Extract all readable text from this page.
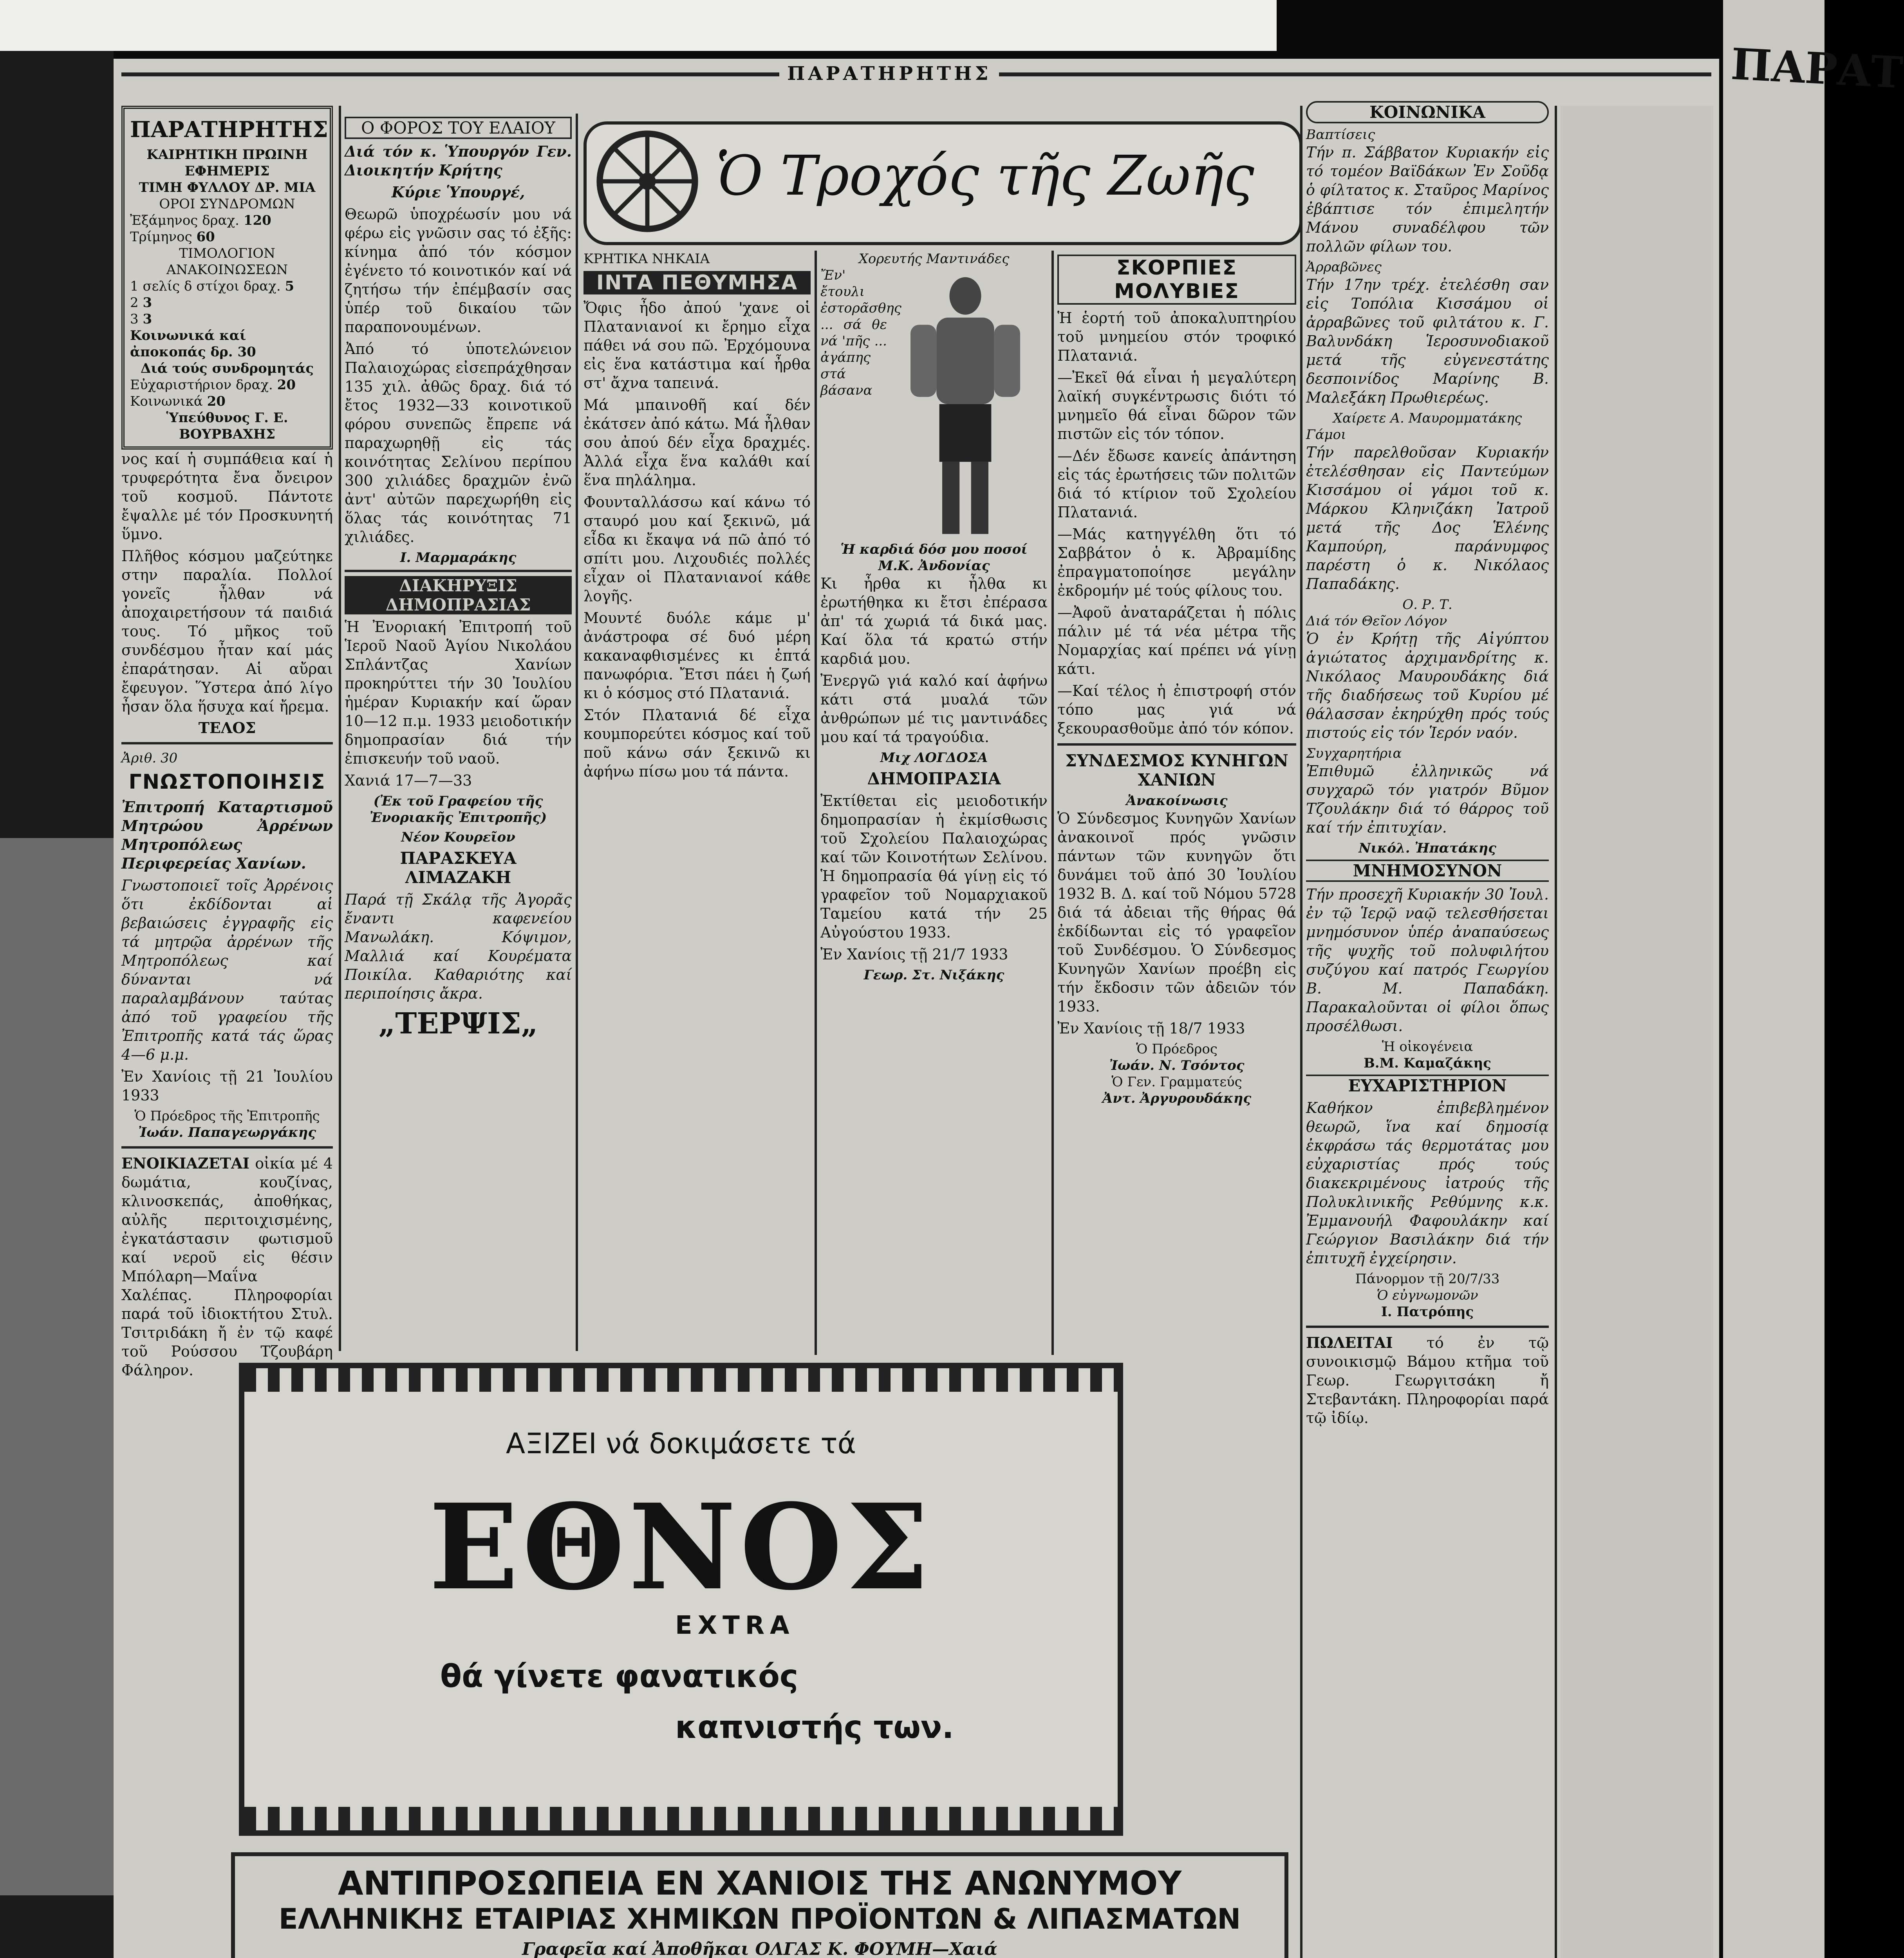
ΠΑΡΑΤ
ΠΑΡΑΤΗΡΗΤΗΣ
ΠΑΡΑΤΗΡΗΤΗΣ
ΚΑΙΡΗΤΙΚΗ ΠΡΩΙΝΗ ΕΦΗΜΕΡΙΣ
ΤΙΜΗ ΦΥΛΛΟΥ ΔΡ. ΜΙΑ
ΟΡΟΙ ΣΥΝΔΡΟΜΩΝ
Ἐξάμηνος δραχ. 120
Τρίμηνος 60
ΤΙΜΟΛΟΓΙΟΝ ΑΝΑΚΟΙΝΩΣΕΩΝ
1 σελίς δ στίχοι δραχ. 5
2 3
3 3
Κοινωνικά καί ἀποκοπάς δρ. 30
Διά τούς συνδρομητάς
Εὐχαριστήριον δραχ. 20
Κοινωνικά 20
Ὑπεύθυνος Γ. Ε. ΒΟΥΡΒΑΧΗΣ

νος καί ἡ συμπάθεια καί ἡ τρυφερότητα ἔνα ὄνειρον τοῦ κοσμοῦ. Πάντοτε ἔψαλλε μέ τόν Προσκυνητή ὕμνο.

Πλῆθος κόσμου μαζεύτηκε στην παραλία. Πολλοί γονεῖς ἦλθαν νά ἀποχαιρετήσουν τά παιδιά τους. Τό μῆκος τοῦ συνδέσμου ἦταν καί μάς ἐπαράτησαν. Αἱ αὔραι ἔφευγον. Ὕστερα ἀπό λίγο ἦσαν ὅλα ἥσυχα καί ἤρεμα.

ΤΕΛΟΣ
Ἀριθ. 30
ΓΝΩΣΤΟΠΟΙΗΣΙΣ

Ἐπιτροπή Καταρτισμοῦ Μητρώου Ἀρρένων Μητροπόλεως Περιφερείας Χανίων.

Γνωστοποιεῖ τοῖς Ἀρρένοις ὅτι ἐκδίδονται αἱ βεβαιώσεις ἐγγραφῆς εἰς τά μητρῷα ἀρρένων τῆς Μητροπόλεως καί δύνανται νά παραλαμβάνουν ταύτας ἀπό τοῦ γραφείου τῆς Ἐπιτροπῆς κατά τάς ὥρας 4—6 μ.μ.

Ἐν Χανίοις τῇ 21 Ἰουλίου 1933

Ὁ Πρόεδρος τῆς Ἐπιτροπῆς
Ἰωάν. Παπαγεωργάκης

ΕΝΟΙΚΙΑΖΕΤΑΙ οἰκία μέ 4 δωμάτια, κουζίνας, κλινοσκεπάς, ἀποθήκας, αὐλῆς περιτοιχισμένης, ἐγκατάστασιν φωτισμοῦ καί νεροῦ εἰς θέσιν Μπόλαρη—Μαΐνα Χαλέπας. Πληροφορίαι παρά τοῦ ἰδιοκτήτου Στυλ. Τσιτριδάκη ἤ ἐν τῷ καφέ τοῦ Ρούσσου Τζουβάρη Φάληρον.

Ο ΦΟΡΟΣ ΤΟΥ ΕΛΑΙΟΥ

Διά τόν κ. Ὑπουργόν Γεν. Διοικητήν Κρήτης

Κύριε Ὑπουργέ,

Θεωρῶ ὑποχρέωσίν μου νά φέρω εἰς γνῶσιν σας τό ἐξῆς: κίνημα ἀπό τόν κόσμον ἐγένετο τό κοινοτικόν καί νά ζητήσω τήν ἐπέμβασίν σας ὑπέρ τοῦ δικαίου τῶν παραπονουμένων.

Ἀπό τό ὑποτελώνειον Παλαιοχώρας εἰσεπράχθησαν 135 χιλ. ἀθῶς δραχ. διά τό ἔτος 1932—33 κοινοτικοῦ φόρου συνεπῶς ἔπρεπε νά παραχωρηθῇ εἰς τάς κοινότητας Σελίνου περίπου 300 χιλιάδες δραχμῶν ἐνῶ ἀντ' αὐτῶν παρεχωρήθη εἰς ὅλας τάς κοινότητας 71 χιλιάδες.

Ι. Μαρμαράκης
ΔΙΑΚΗΡΥΞΙΣ ΔΗΜΟΠΡΑΣΙΑΣ

Ἡ Ἐνοριακή Ἐπιτροπή τοῦ Ἱεροῦ Ναοῦ Ἁγίου Νικολάου Σπλάντζας Χανίων προκηρύττει τήν 30 Ἰουλίου ἡμέραν Κυριακήν καί ὥραν 10—12 π.μ. 1933 μειοδοτικήν δημοπρασίαν διά τήν ἐπισκευήν τοῦ ναοῦ.

Χανιά 17—7—33

(Ἐκ τοῦ Γραφείου τῆς Ἐνοριακῆς Ἐπιτροπῆς)

Νέον Κουρεῖον
ΠΑΡΑΣΚΕΥΑ ΛΙΜΑΖΑΚΗ

Παρά τῇ Σκάλᾳ τῆς Ἀγορᾶς ἔναντι καφενείου Μανωλάκη. Κόψιμον, Μαλλιά καί Κουρέματα Ποικίλα. Καθαριότης καί περιποίησις ἄκρα.

„ΤΕΡΨΙΣ„
Ὁ Τροχός τῆς Ζωῆς
ΚΡΗΤΙΚΑ ΝΗΚΑΙΑ
ΙΝΤΑ ΠΕΘΥΜΗΣΑ

Ὄφις ἦδο ἀπού 'χανε οἱ Πλατανιανοί κι ἔρημο εἶχα πάθει νά σου πῶ. Ἐρχόμουνα εἰς ἕνα κατάστιμα καί ἦρθα στ' ἄχνα ταπεινά.

Μά μπαινοθῆ καί δέν ἐκάτσεν ἀπό κάτω. Μά ἦλθαν σου ἀπού δέν εἶχα δραχμές. Ἀλλά εἶχα ἕνα καλάθι καί ἕνα πηλάλημα.

Φουνταλλάσσω καί κάνω τό σταυρό μου καί ξεκινῶ, μά εἶδα κι ἔκαψα νά πῶ ἀπό τό σπίτι μου. Λιχουδιές πολλές εἶχαν οἱ Πλατανιανοί κάθε λογῆς.

Μουντέ δυόλε κάμε μ' ἀνάστροφα σέ δυό μέρη κακαναφθισμένες κι ἑπτά πανωφόρια. Ἔτσι πάει ἡ ζωή κι ὁ κόσμος στό Πλατανιά.

Στόν Πλατανιά δέ εἶχα κουμπορεύτει κόσμος καί τοῦ ποῦ κάνω σάν ξεκινῶ κι ἀφήνω πίσω μου τά πάντα.

Χορευτής Μαντινάδες

Ἔν' ἔτουλι ἐστορᾶσθης ... σά θε νά 'πῆς ... ἀγάπης στά βάσανα

Ἡ καρδιά δόσ μου ποσοί
Μ.Κ. Ἀνδονίας

Κι ἦρθα κι ἦλθα κι ἐρωτήθηκα κι ἔτσι ἐπέρασα ἀπ' τά χωριά τά δικά μας. Καί ὅλα τά κρατώ στήν καρδιά μου.

Ἐνεργῶ γιά καλό καί ἀφήνω κάτι στά μυαλά τῶν ἀνθρώπων μέ τις μαντινάδες μου καί τά τραγούδια.

Μιχ ΛΟΓΔΟΣΑ
ΔΗΜΟΠΡΑΣΙΑ

Ἐκτίθεται εἰς μειοδοτικήν δημοπρασίαν ἡ ἐκμίσθωσις τοῦ Σχολείου Παλαιοχώρας καί τῶν Κοινοτήτων Σελίνου. Ἡ δημοπρασία θά γίνῃ εἰς τό γραφεῖον τοῦ Νομαρχιακοῦ Ταμείου κατά τήν 25 Αὐγούστου 1933.

Ἐν Χανίοις τῇ 21/7 1933

Γεωρ. Στ. Νιξάκης
ΣΚΟΡΠΙΕΣ ΜΟΛΥΒΙΕΣ

Ἡ ἑορτή τοῦ ἀποκαλυπτηρίου τοῦ μνημείου στόν τροφικό Πλατανιά.

—Ἐκεῖ θά εἶναι ἡ μεγαλύτερη λαϊκή συγκέντρωσις διότι τό μνημεῖο θά εἶναι δῶρον τῶν πιστῶν εἰς τόν τόπον.

—Δέν ἔδωσε κανείς ἀπάντηση εἰς τάς ἐρωτήσεις τῶν πολιτῶν διά τό κτίριον τοῦ Σχολείου Πλατανιά.

—Μάς κατηγγέλθη ὅτι τό Σαββάτον ὁ κ. Ἀβραμίδης ἐπραγματοποίησε μεγάλην ἐκδρομήν μέ τούς φίλους του.

—Ἀφοῦ ἀναταράζεται ἡ πόλις πάλιν μέ τά νέα μέτρα τῆς Νομαρχίας καί πρέπει νά γίνῃ κάτι.

—Καί τέλος ἡ ἐπιστροφή στόν τόπο μας γιά νά ξεκουρασθοῦμε ἀπό τόν κόπον.

ΣΥΝΔΕΣΜΟΣ ΚΥΝΗΓΩΝ ΧΑΝΙΩΝ
Ἀνακοίνωσις

Ὁ Σύνδεσμος Κυνηγῶν Χανίων ἀνακοινοῖ πρός γνῶσιν πάντων τῶν κυνηγῶν ὅτι δυνάμει τοῦ ἀπό 30 Ἰουλίου 1932 Β. Δ. καί τοῦ Νόμου 5728 διά τά ἀδειαι τῆς θήρας θά ἐκδίδωνται εἰς τό γραφεῖον τοῦ Συνδέσμου. Ὁ Σύνδεσμος Κυνηγῶν Χανίων προέβη εἰς τήν ἔκδοσιν τῶν ἀδειῶν τόν 1933.

Ἐν Χανίοις τῇ 18/7 1933

Ὁ Πρόεδρος
Ἰωάν. Ν. Τσόντος
Ὁ Γεν. Γραμματεύς
Ἀντ. Ἀργυρουδάκης
ΚΟΙΝΩΝΙΚΑ
Βαπτίσεις

Τήν π. Σάββατον Κυριακήν εἰς τό τομέον Βαϊδάκων Ἐν Σοῦδᾳ ὁ φίλτατος κ. Σταῦρος Μαρίνος ἐβάπτισε τόν ἐπιμελητήν Μάνου συναδέλφου τῶν πολλῶν φίλων του.

Ἀρραβῶνες

Τήν 17ην τρέχ. ἐτελέσθη σαν εἰς Τοπόλια Κισσάμου οἱ ἀρραβῶνες τοῦ φιλτάτου κ. Γ. Βαλυνδάκη Ἱεροσυνοδιακοῦ μετά τῆς εὐγενεστάτης δεσποινίδος Μαρίνης Β. Μαλεξάκη Πρωθιερέως.

Χαίρετε Α. Μαυρομματάκης
Γάμοι

Τήν παρελθοῦσαν Κυριακήν ἐτελέσθησαν εἰς Παντεύμων Κισσάμου οἱ γάμοι τοῦ κ. Μάρκου Κληνιζάκη Ἰατροῦ μετά τῆς Δος Ἑλένης Καμπούρη, παράνυμφος παρέστη ὁ κ. Νικόλαος Παπαδάκης.

Ο. Ρ. Τ.
Διά τόν Θεῖον Λόγον

Ὁ ἐν Κρήτῃ τῆς Αἰγύπτου ἁγιώτατος ἀρχιμανδρίτης κ. Νικόλαος Μαυρουδάκης διά τῆς διαδήσεως τοῦ Κυρίου μέ θάλασσαν ἐκηρύχθη πρός τούς πιστούς εἰς τόν Ἱερόν ναόν.

Συγχαρητήρια

Ἐπιθυμῶ ἐλληνικῶς νά συγχαρῶ τόν γιατρόν Βῦμον Τζουλάκην διά τό θάρρος τοῦ καί τήν ἐπιτυχίαν.

Νικόλ. Ἠπατάκης
ΜΝΗΜΟΣΥΝΟΝ

Τήν προσεχῆ Κυριακήν 30 Ἰουλ. ἐν τῷ Ἱερῷ ναῷ τελεσθήσεται μνημόσυνον ὑπέρ ἀναπαύσεως τῆς ψυχῆς τοῦ πολυφιλήτου συζύγου καί πατρός Γεωργίου Β. Μ. Παπαδάκη. Παρακαλοῦνται οἱ φίλοι ὅπως προσέλθωσι.

Ἡ οἰκογένεια
Β.Μ. Καμαζάκης
ΕΥΧΑΡΙΣΤΗΡΙΟΝ

Καθήκον ἐπιβεβλημένον θεωρῶ, ἵνα καί δημοσίᾳ ἐκφράσω τάς θερμοτάτας μου εὐχαριστίας πρός τούς διακεκριμένους ἰατρούς τῆς Πολυκλινικῆς Ρεθύμνης κ.κ. Ἐμμανουήλ Φαφουλάκην καί Γεώργιον Βασιλάκην διά τήν ἐπιτυχῆ ἐγχείρησιν.

Πάνορμον τῇ 20/7/33
Ὁ εὐγνωμονῶν
Ι. Πατρόπης

ΠΩΛΕΙΤΑΙ τό ἐν τῷ συνοικισμῷ Βάμου κτῆμα τοῦ Γεωρ. Γεωργιτσάκη ἤ Στεβαντάκη. Πληροφορίαι παρά τῷ ἰδίῳ.

ΑΞΙΖΕΙ νά δοκιμάσετε τά
ΕΘΝΟΣ
EXTRA
θά γίνετε φανατικός
καπνιστής των.
ΑΝΤΙΠΡΟΣΩΠΕΙΑ ΕΝ ΧΑΝΙΟΙΣ ΤΗΣ ΑΝΩΝΥΜΟΥ
ΕΛΛΗΝΙΚΗΣ ΕΤΑΙΡΙΑΣ ΧΗΜΙΚΩΝ ΠΡΟΪΟΝΤΩΝ & ΛΙΠΑΣΜΑΤΩΝ
Γραφεῖα καί Ἀποθῆκαι ΟΛΓΑΣ Κ. ΦΟΥΜΗ—Χαιά
